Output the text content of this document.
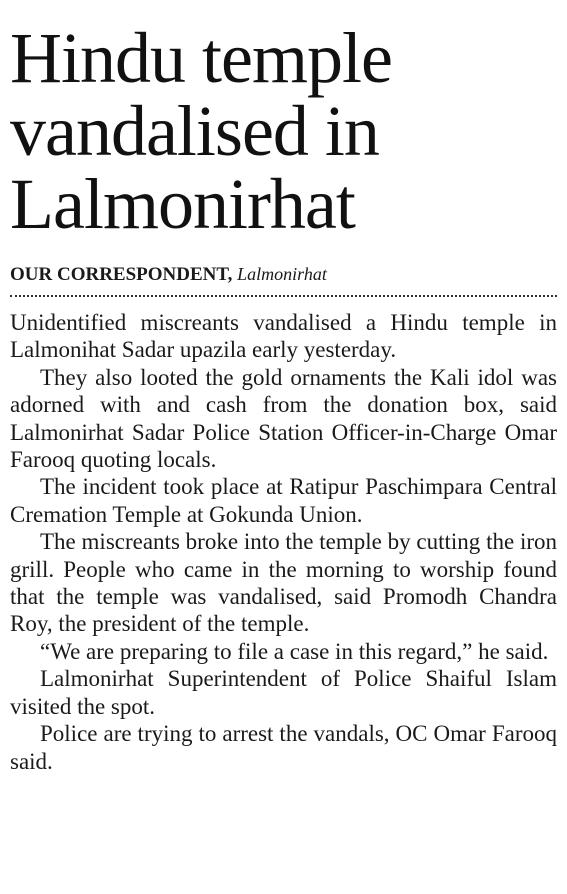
Hindu temple vandalised in Lalmonirhat
OUR CORRESPONDENT, Lalmonirhat

Unidentified miscreants vandalised a Hindu temple in Lalmonihat Sadar upazila early yesterday.

They also looted the gold ornaments the Kali idol was adorned with and cash from the donation box, said Lalmonirhat Sadar Police Station Officer-in-Charge Omar Farooq quoting locals.

The incident took place at Ratipur Paschimpara Central Cremation Temple at Gokunda Union.

The miscreants broke into the temple by cutting the iron grill. People who came in the morning to worship found that the temple was vandalised, said Promodh Chandra Roy, the president of the temple.

“We are preparing to file a case in this regard,” he said.

Lalmonirhat Superintendent of Police Shaiful Islam visited the spot.

Police are trying to arrest the vandals, OC Omar Farooq said.
